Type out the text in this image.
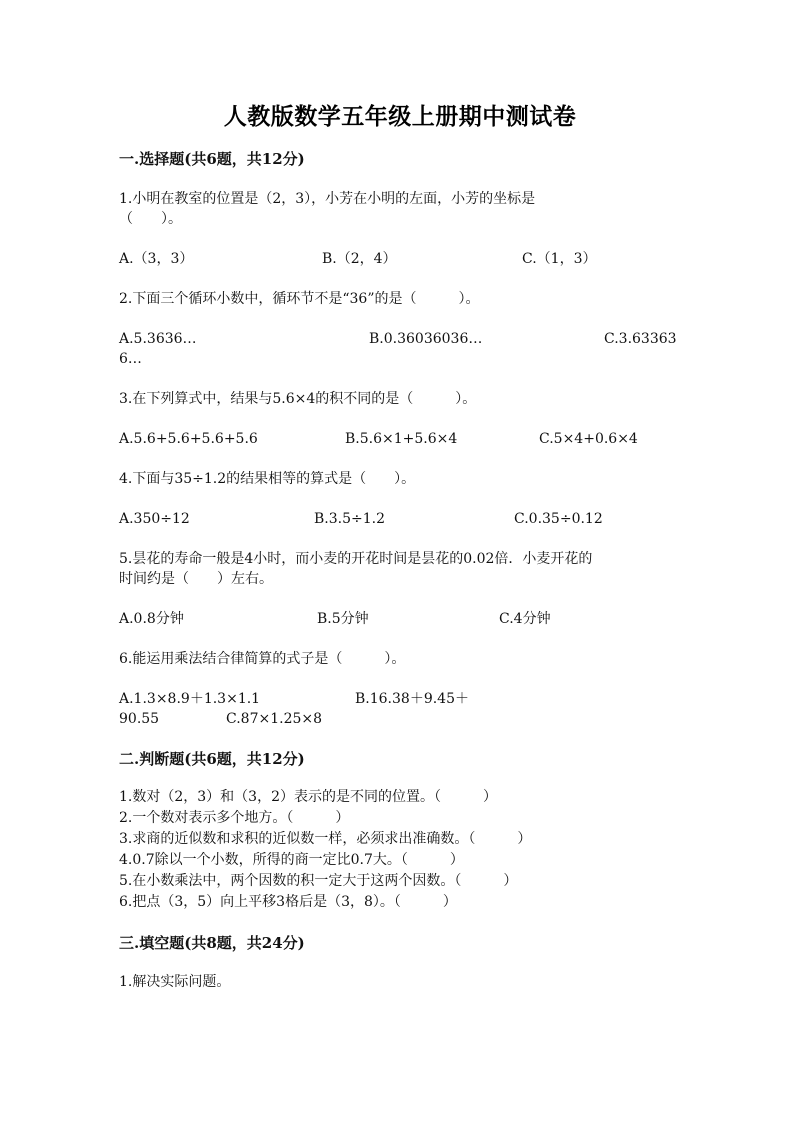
人教版数学五年级上册期中测试卷
一.选择题(共6题，共12分)
1.小明在教室的位置是（2，3），小芳在小明的左面，小芳的坐标是
（　　）。
A.（3，3）	B.（2，4）	C.（1，3）
2.下面三个循环小数中，循环节不是“36”的是（　　　）。
A.5.3636…	B.0.36036036…	C.3.63363
6…
3.在下列算式中，结果与5.6×4的积不同的是（　　　）。
A.5.6+5.6+5.6+5.6	B.5.6×1+5.6×4	C.5×4+0.6×4
4.下面与35÷1.2的结果相等的算式是（　　）。
A.350÷12	B.3.5÷1.2	C.0.35÷0.12
5.昙花的寿命一般是4小时，而小麦的开花时间是昙花的0.02倍．小麦开花的
时间约是（　　）左右。
A.0.8分钟	B.5分钟	C.4分钟
6.能运用乘法结合律简算的式子是（　　　）。
A.1.3×8.9＋1.3×1.1	B.16.38＋9.45＋
90.55	C.87×1.25×8
二.判断题(共6题，共12分)
1.数对（2，3）和（3，2）表示的是不同的位置。（　　　）
2.一个数对表示多个地方。（　　　）
3.求商的近似数和求积的近似数一样，必须求出准确数。（　　　）
4.0.7除以一个小数，所得的商一定比0.7大。（　　　）
5.在小数乘法中，两个因数的积一定大于这两个因数。（　　　）
6.把点（3，5）向上平移3格后是（3，8）。（　　　）
三.填空题(共8题，共24分)
1.解决实际问题。
